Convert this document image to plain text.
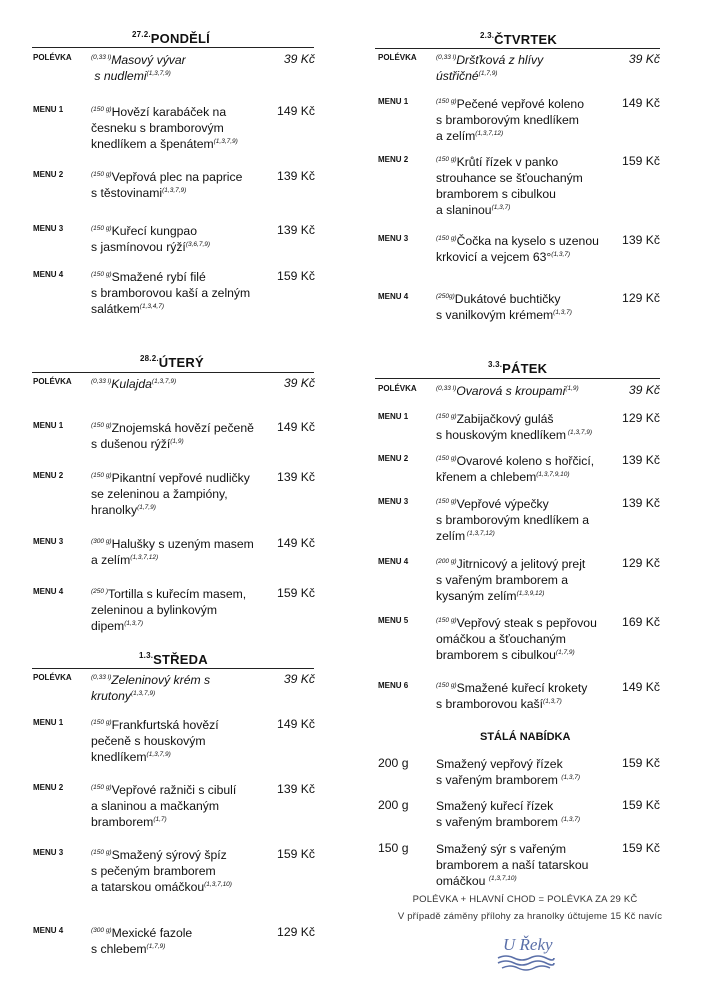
$^{27.2.}$PONDĚLÍ
POLÉVKA	$^{(0,33 l)}$Masový vývar
s nudlemi$^{(1,3,7,9)}$
39 Kč
MENU 1	$^{(150 g)}$Hovězí karabáček na
česneku s bramborovým
knedlíkem a špenátem$^{(1,3,7,9)}$
149 Kč
MENU 2	$^{(150 g)}$Vepřová plec na paprice
s těstovinami$^{(1,3,7,9)}$
139 Kč
MENU 3	$^{(150 g)}$Kuřecí kungpao
s jasmínovou rýží$^{(3,6,7,9)}$
139 Kč
MENU 4	$^{(150 g)}$Smažené rybí filé
s bramborovou kaší a zelným
salátkem$^{(1,3,4,7)}$
159 Kč
$^{28.2.}$ÚTERÝ
POLÉVKA	$^{(0,33 l)}$Kulajda$^{(1,3,7,9)}$	39 Kč
MENU 1	$^{(150 g)}$Znojemská hovězí pečeně
s dušenou rýží$^{(1,9)}$
149 Kč
MENU 2	$^{(150 g)}$Pikantní vepřové nudličky
se zeleninou a žampióny,
hranolky$^{(1,7,9)}$
139 Kč
MENU 3	$^{(300 g)}$Halušky s uzeným masem
a zelím$^{(1,3,7,12)}$
149 Kč
MENU 4	$^{(250 )}$Tortilla s kuřecím masem,
zeleninou a bylinkovým
dipem$^{(1,3,7)}$
159 Kč
$^{1.3.}$STŘEDA
POLÉVKA	$^{(0,33 l)}$Zeleninový krém s
krutony$^{(1,3,7,9)}$
39 Kč
MENU 1	$^{(150 g)}$Frankfurtská hovězí
pečeně s houskovým
knedlíkem$^{(1,3,7,9)}$
149 Kč
MENU 2	$^{(150 g)}$Vepřové ražniči s cibulí
a slaninou a mačkaným
bramborem$^{(1,7)}$
139 Kč
MENU 3	$^{(150 g)}$Smažený sýrový špíz
s pečeným bramborem
a tatarskou omáčkou$^{(1,3,7,10)}$
159 Kč
MENU 4	$^{(300 g)}$Mexické fazole
s chlebem$^{(1,7,9)}$
129 Kč
$^{2.3.}$ČTVRTEK
POLÉVKA	$^{(0,33 l)}$Dršťková z hlívy
ústřičné$^{(1,7,9)}$
39 Kč
MENU 1	$^{(150 g)}$Pečené vepřové koleno
s bramborovým knedlíkem
a zelím$^{(1,3,7,12)}$
149 Kč
MENU 2	$^{(150 g)}$Krůtí řízek v panko
strouhance se šťouchaným
bramborem s cibulkou
a slaninou$^{(1,3,7)}$
159 Kč
MENU 3	$^{(150 g)}$Čočka na kyselo s uzenou
krkovicí a vejcem 63°$^{(1,3,7)}$
139 Kč
MENU 4	$^{(250g)}$Dukátové buchtičky
s vanilkovým krémem$^{(1,3,7)}$
129 Kč
$^{3.3.}$PÁTEK
POLÉVKA	$^{(0,33 l)}$Ovarová s kroupami$^{(1,9)}$	39 Kč
MENU 1	$^{(150 g)}$Zabijačkový guláš
s houskovým knedlíkem $^{(1,3,7,9)}$
129 Kč
MENU 2	$^{(150 g)}$Ovarové koleno s hořčicí,
křenem a chlebem$^{(1,3,7,9,10)}$
139 Kč
MENU 3	$^{(150 g)}$Vepřové výpečky
s bramborovým knedlíkem a
zelím $^{(1,3,7,12)}$
139 Kč
MENU 4	$^{(200 g)}$Jitrnicový a jelitový prejt
s vařeným bramborem a
kysaným zelím$^{(1,3,9,12)}$
129 Kč
MENU 5	$^{(150 g)}$Vepřový steak s pepřovou
omáčkou a šťouchaným
bramborem s cibulkou$^{(1,7,9)}$
169 Kč
MENU 6	$^{(150 g)}$Smažené kuřecí krokety
s bramborovou kaší$^{(1,3,7)}$
149 Kč
STÁLÁ NABÍDKA
200 g Smažený vepřový řízek
s vařeným bramborem $^{(1,3,7)}$
159 Kč
200 g Smažený kuřecí řízek
s vařeným bramborem $^{(1,3,7)}$
159 Kč
150 g Smažený sýr s vařeným
bramborem a naší tatarskou
omáčkou $^{(1,3,7,10)}$
159 Kč
POLÉVKA + HLAVNÍ CHOD = POLÉVKA ZA 29 KČ
V případě záměny přílohy za hranolky účtujeme 15 Kč navíc
U Řeky
